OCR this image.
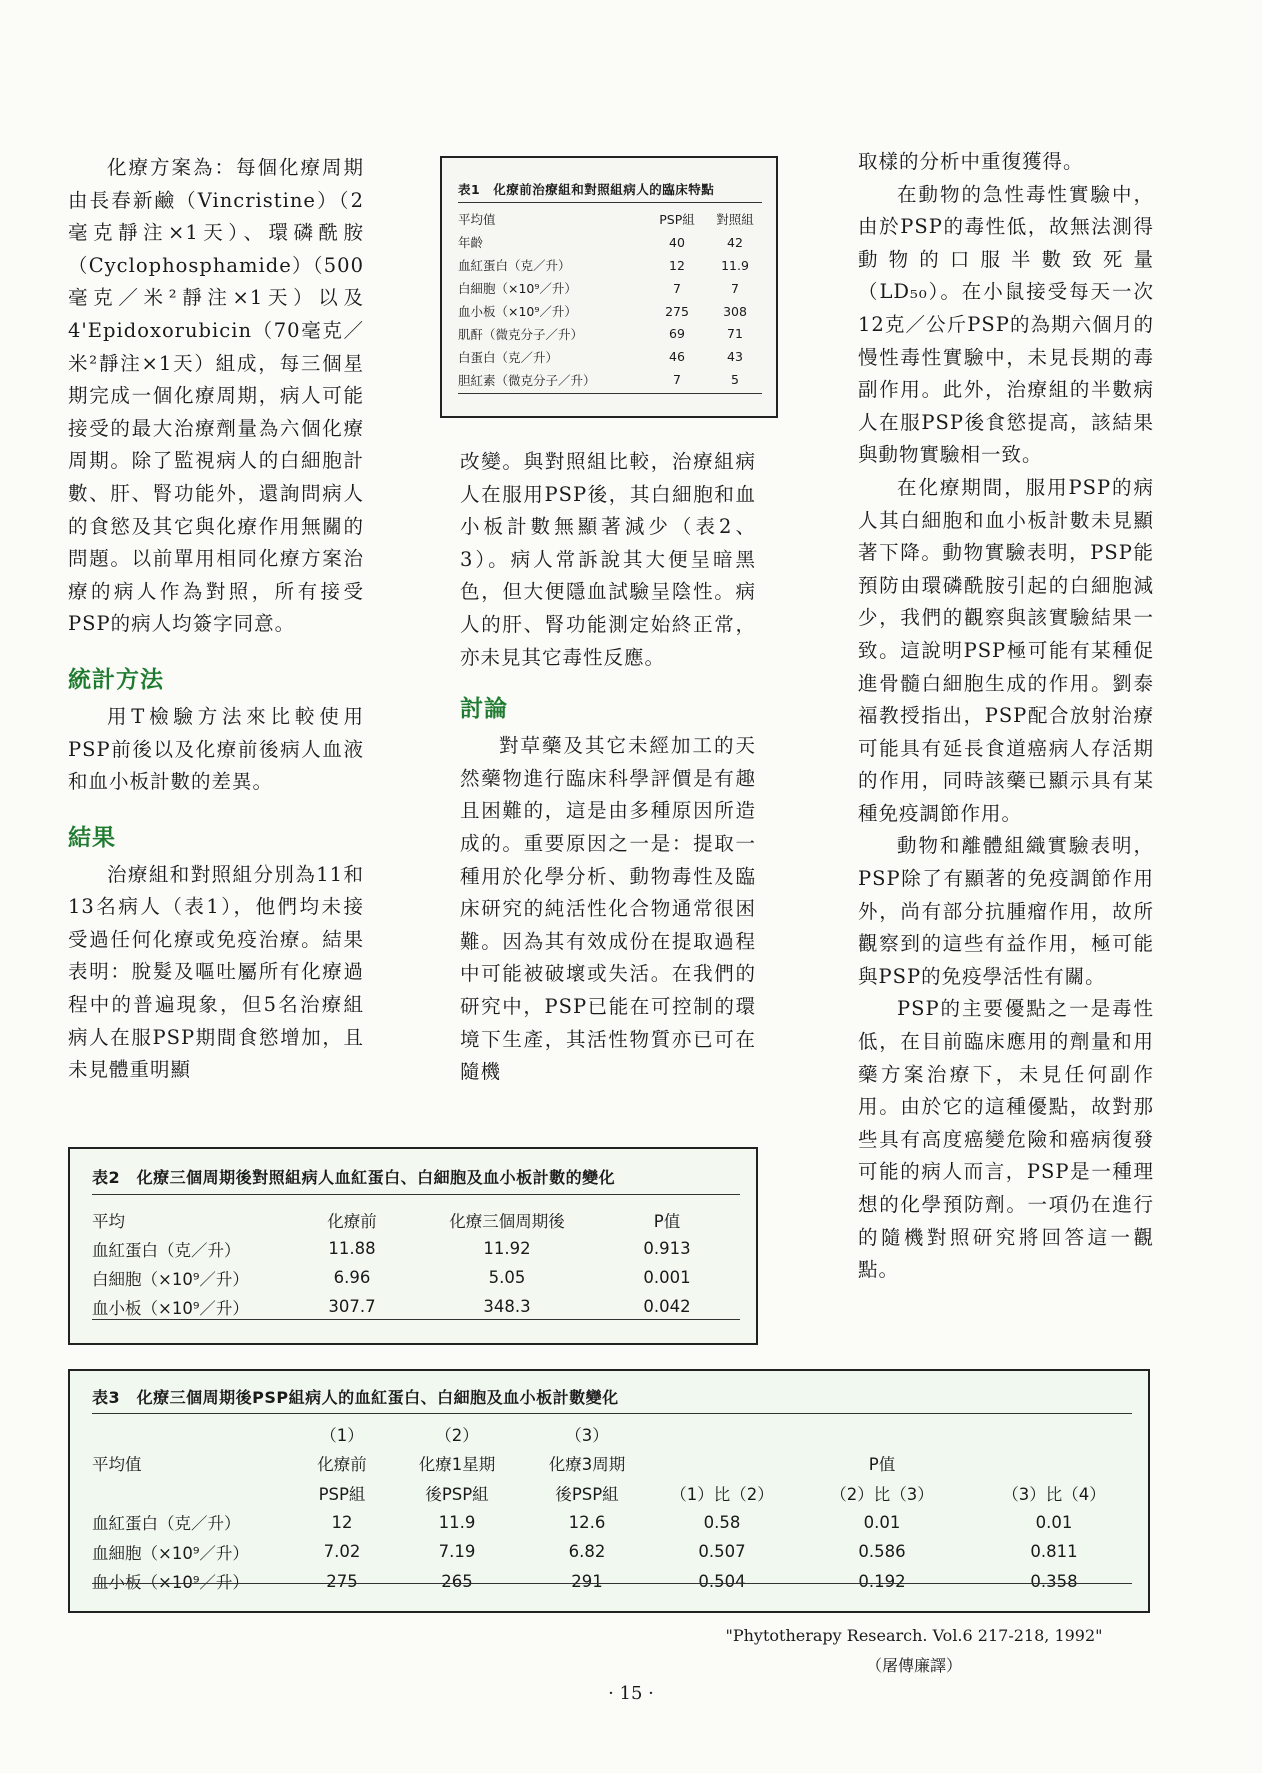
化療方案為：每個化療周期由長春新鹼（Vincristine）（2毫克靜注×1天）、環磷酰胺（Cyclophosphamide）（500毫克／米²靜注×1天）以及4'Epidoxorubicin（70毫克／米²靜注×1天）組成，每三個星期完成一個化療周期，病人可能接受的最大治療劑量為六個化療周期。除了監視病人的白細胞計數、肝、腎功能外，還詢問病人的食慾及其它與化療作用無關的問題。以前單用相同化療方案治療的病人作為對照，所有接受PSP的病人均簽字同意。

統計方法

用T檢驗方法來比較使用PSP前後以及化療前後病人血液和血小板計數的差異。

結果

治療組和對照組分別為11和13名病人（表1），他們均未接受過任何化療或免疫治療。結果表明：脫髮及嘔吐屬所有化療過程中的普遍現象，但5名治療組病人在服PSP期間食慾增加，且未見體重明顯

表1　化療前治療組和對照組病人的臨床特點
平均值	PSP組	對照組
年齡	40	42
血紅蛋白（克／升）	12	11.9
白細胞（×10⁹／升）	7	7
血小板（×10⁹／升）	275	308
肌酐（微克分子／升）	69	71
白蛋白（克／升）	46	43
胆紅素（微克分子／升）	7	5

改變。與對照組比較，治療組病人在服用PSP後，其白細胞和血小板計數無顯著減少（表2、3）。病人常訴說其大便呈暗黑色，但大便隱血試驗呈陰性。病人的肝、腎功能測定始終正常，亦未見其它毒性反應。

討論

對草藥及其它未經加工的天然藥物進行臨床科學評價是有趣且困難的，這是由多種原因所造成的。重要原因之一是：提取一種用於化學分析、動物毒性及臨床研究的純活性化合物通常很困難。因為其有效成份在提取過程中可能被破壞或失活。在我們的研究中，PSP已能在可控制的環境下生產，其活性物質亦已可在隨機

取樣的分析中重復獲得。

在動物的急性毒性實驗中，由於PSP的毒性低，故無法測得動物的口服半數致死量（LD₅₀）。在小鼠接受每天一次12克／公斤PSP的為期六個月的慢性毒性實驗中，未見長期的毒副作用。此外，治療組的半數病人在服PSP後食慾提高，該結果與動物實驗相一致。

在化療期間，服用PSP的病人其白細胞和血小板計數未見顯著下降。動物實驗表明，PSP能預防由環磷酰胺引起的白細胞減少，我們的觀察與該實驗結果一致。這說明PSP極可能有某種促進骨髓白細胞生成的作用。劉泰福教授指出，PSP配合放射治療可能具有延長食道癌病人存活期的作用，同時該藥已顯示具有某種免疫調節作用。

動物和離體組織實驗表明，PSP除了有顯著的免疫調節作用外，尚有部分抗腫瘤作用，故所觀察到的這些有益作用，極可能與PSP的免疫學活性有關。

PSP的主要優點之一是毒性低，在目前臨床應用的劑量和用藥方案治療下，未見任何副作用。由於它的這種優點，故對那些具有高度癌變危險和癌病復發可能的病人而言，PSP是一種理想的化學預防劑。一項仍在進行的隨機對照研究將回答這一觀點。

表2　化療三個周期後對照組病人血紅蛋白、白細胞及血小板計數的變化
平均	化療前	化療三個周期後	P值
血紅蛋白（克／升）	11.88	11.92	0.913
白細胞（×10⁹／升）	6.96	5.05	0.001
血小板（×10⁹／升）	307.7	348.3	0.042
表3　化療三個周期後PSP組病人的血紅蛋白、白細胞及血小板計數變化
	（1）	（2）	（3）			
平均值	化療前	化療1星期	化療3周期		P值	
	PSP組	後PSP組	後PSP組	（1）比（2）	（2）比（3）	（3）比（4）
血紅蛋白（克／升）	12	11.9	12.6	0.58	0.01	0.01
血細胞（×10⁹／升）	7.02	7.19	6.82	0.507	0.586	0.811
血小板（×10⁹／升）	275	265	291	0.504	0.192	0.358
"Phytotherapy Research. Vol.6 217-218, 1992"
（屠傳廉譯）
· 15 ·
